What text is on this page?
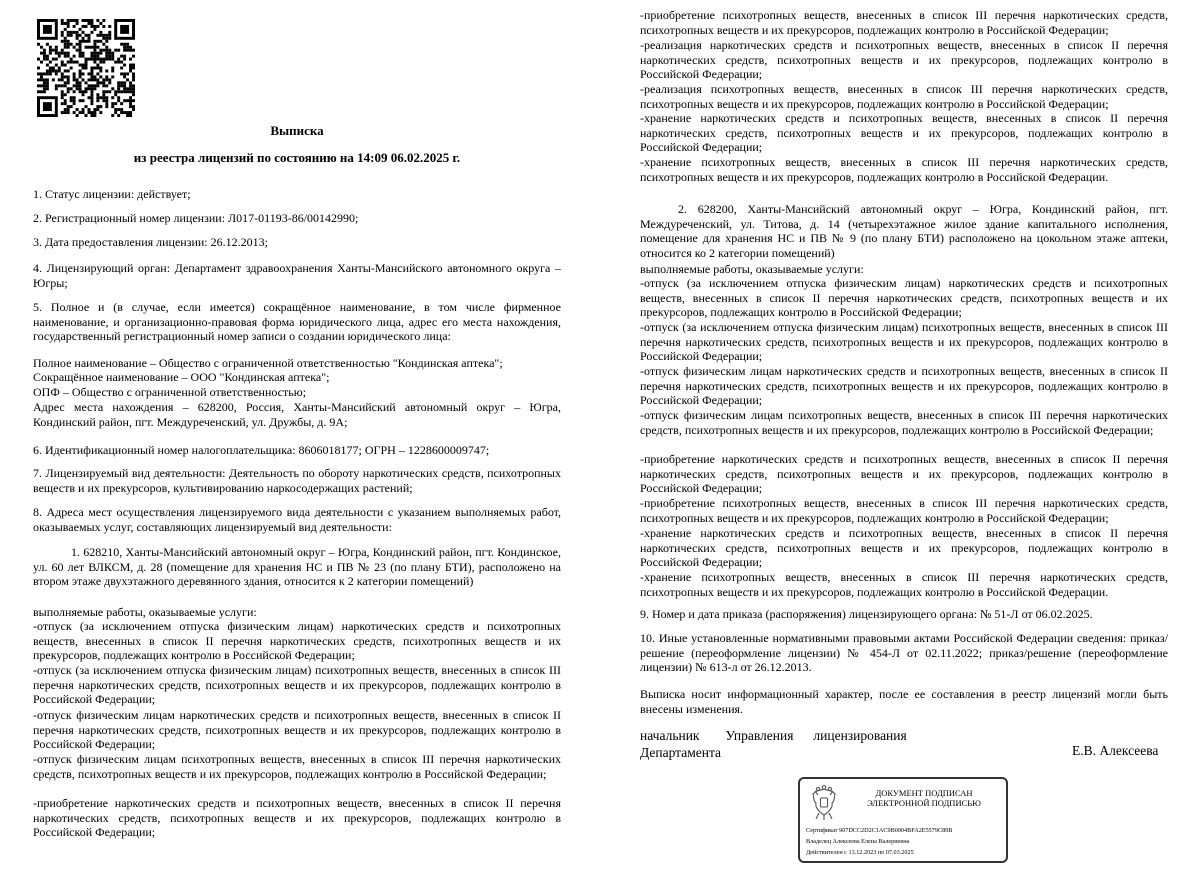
Выписка
из реестра лицензий по состоянию на 14:09 06.02.2025 г.
1. Статус лицензии: действует;
2. Регистрационный номер лицензии: Л017-01193-86/00142990;
3. Дата предоставления лицензии: 26.12.2013;
4. Лицензирующий орган: Департамент здравоохранения Ханты-Мансийского автономного округа – Югры;
5. Полное и (в случае, если имеется) сокращённое наименование, в том числе фирменное наименование, и организационно-правовая форма юридического лица, адрес его места нахождения, государственный регистрационный номер записи о создании юридического лица:
Полное наименование – Общество с ограниченной ответственностью "Кондинская аптека";
Сокращённое наименование – ООО "Кондинская аптека";
ОПФ – Общество с ограниченной ответственностью;
Адрес места нахождения – 628200, Россия, Ханты-Мансийский автономный округ – Югра, Кондинский район, пгт. Междуреченский, ул. Дружбы, д. 9А;
6. Идентификационный номер налогоплательщика: 8606018177; ОГРН – 1228600009747;
7. Лицензируемый вид деятельности: Деятельность по обороту наркотических средств, психотропных веществ и их прекурсоров, культивированию наркосодержащих растений;
8. Адреса мест осуществления лицензируемого вида деятельности с указанием выполняемых работ, оказываемых услуг, составляющих лицензируемый вид деятельности:
1. 628210, Ханты-Мансийский автономный округ – Югра, Кондинский район, пгт. Кондинское, ул. 60 лет ВЛКСМ, д. 28 (помещение для хранения НС и ПВ № 23 (по плану БТИ), расположено на втором этаже двухэтажного деревянного здания, относится к 2 категории помещений)
выполняемые работы, оказываемые услуги:
-отпуск (за исключением отпуска физическим лицам) наркотических средств и психотропных веществ, внесенных в список II перечня наркотических средств, психотропных веществ и их прекурсоров, подлежащих контролю в Российской Федерации;
-отпуск (за исключением отпуска физическим лицам) психотропных веществ, внесенных в список III перечня наркотических средств, психотропных веществ и их прекурсоров, подлежащих контролю в Российской Федерации;
-отпуск физическим лицам наркотических средств и психотропных веществ, внесенных в список II перечня наркотических средств, психотропных веществ и их прекурсоров, подлежащих контролю в Российской Федерации;
-отпуск физическим лицам психотропных веществ, внесенных в список III перечня наркотических средств, психотропных веществ и их прекурсоров, подлежащих контролю в Российской Федерации;
-приобретение наркотических средств и психотропных веществ, внесенных в список II перечня наркотических средств, психотропных веществ и их прекурсоров, подлежащих контролю в Российской Федерации;
-приобретение психотропных веществ, внесенных в список III перечня наркотических средств, психотропных веществ и их прекурсоров, подлежащих контролю в Российской Федерации;
-реализация наркотических средств и психотропных веществ, внесенных в список II перечня наркотических средств, психотропных веществ и их прекурсоров, подлежащих контролю в Российской Федерации;
-реализация психотропных веществ, внесенных в список III перечня наркотических средств, психотропных веществ и их прекурсоров, подлежащих контролю в Российской Федерации;
-хранение наркотических средств и психотропных веществ, внесенных в список II перечня наркотических средств, психотропных веществ и их прекурсоров, подлежащих контролю в Российской Федерации;
-хранение психотропных веществ, внесенных в список III перечня наркотических средств, психотропных веществ и их прекурсоров, подлежащих контролю в Российской Федерации.
2. 628200, Ханты-Мансийский автономный округ – Югра, Кондинский район, пгт. Междуреченский, ул. Титова, д. 14 (четырехэтажное жилое здание капитального исполнения, помещение для хранения НС и ПВ № 9 (по плану БТИ) расположено на цокольном этаже аптеки, относится ко 2 категории помещений)
выполняемые работы, оказываемые услуги:
-отпуск (за исключением отпуска физическим лицам) наркотических средств и психотропных веществ, внесенных в список II перечня наркотических средств, психотропных веществ и их прекурсоров, подлежащих контролю в Российской Федерации;
-отпуск (за исключением отпуска физическим лицам) психотропных веществ, внесенных в список III перечня наркотических средств, психотропных веществ и их прекурсоров, подлежащих контролю в Российской Федерации;
-отпуск физическим лицам наркотических средств и психотропных веществ, внесенных в список II перечня наркотических средств, психотропных веществ и их прекурсоров, подлежащих контролю в Российской Федерации;
-отпуск физическим лицам психотропных веществ, внесенных в список III перечня наркотических средств, психотропных веществ и их прекурсоров, подлежащих контролю в Российской Федерации;
-приобретение наркотических средств и психотропных веществ, внесенных в список II перечня наркотических средств, психотропных веществ и их прекурсоров, подлежащих контролю в Российской Федерации;
-приобретение психотропных веществ, внесенных в список III перечня наркотических средств, психотропных веществ и их прекурсоров, подлежащих контролю в Российской Федерации;
-хранение наркотических средств и психотропных веществ, внесенных в список II перечня наркотических средств, психотропных веществ и их прекурсоров, подлежащих контролю в Российской Федерации;
-хранение психотропных веществ, внесенных в список III перечня наркотических средств, психотропных веществ и их прекурсоров, подлежащих контролю в Российской Федерации.
9. Номер и дата приказа (распоряжения) лицензирующего органа: № 51-Л от 06.02.2025.
10. Иные установленные нормативными правовыми актами Российской Федерации сведения: приказ/решение (переоформление лицензии) № 454-Л от 02.11.2022; приказ/решение (переоформление лицензии) № 613-л от 26.12.2013.
Выписка носит информационный характер, после ее составления в реестр лицензий могли быть внесены изменения.
начальник Управления лицензирования
Департамента	Е.В. Алексеева
ДОКУМЕНТ ПОДПИСАН
ЭЛЕКТРОННОЙ ПОДПИСЬЮ
Сертификат 907DCC2D2C1AC9B0004BFA2E5579C89B
Владелец Алексеева Елена Валериевна
Действителен с 13.12.2023 по 07.03.2025
